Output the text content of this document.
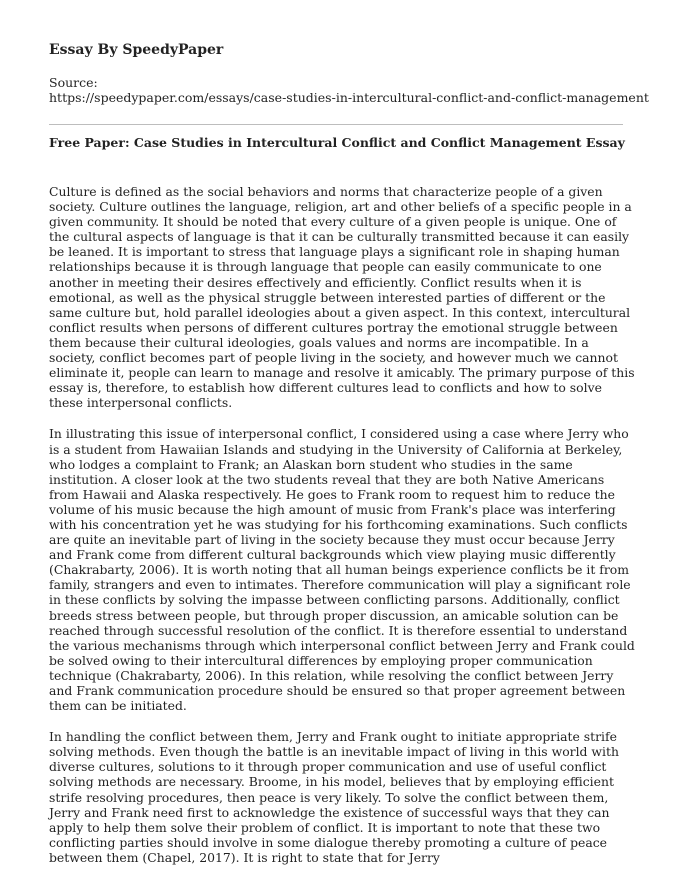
Essay By SpeedyPaper
Source:
https://speedypaper.com/essays/case-studies-in-intercultural-conflict-and-conflict-management
Free Paper: Case Studies in Intercultural Conflict and Conflict Management Essay

Culture is defined as the social behaviors and norms that characterize people of a given society. Culture outlines the language, religion, art and other beliefs of a specific people in a given community. It should be noted that every culture of a given people is unique. One of the cultural aspects of language is that it can be culturally transmitted because it can easily be leaned. It is important to stress that language plays a significant role in shaping human relationships because it is through language that people can easily communicate to one another in meeting their desires effectively and efficiently. Conflict results when it is emotional, as well as the physical struggle between interested parties of different or the same culture but, hold parallel ideologies about a given aspect. In this context, intercultural conflict results when persons of different cultures portray the emotional struggle between them because their cultural ideologies, goals values and norms are incompatible. In a society, conflict becomes part of people living in the society, and however much we cannot eliminate it, people can learn to manage and resolve it amicably. The primary purpose of this essay is, therefore, to establish how different cultures lead to conflicts and how to solve these interpersonal conflicts.

In illustrating this issue of interpersonal conflict, I considered using a case where Jerry who is a student from Hawaiian Islands and studying in the University of California at Berkeley, who lodges a complaint to Frank; an Alaskan born student who studies in the same institution. A closer look at the two students reveal that they are both Native Americans from Hawaii and Alaska respectively. He goes to Frank room to request him to reduce the volume of his music because the high amount of music from Frank's place was interfering with his concentration yet he was studying for his forthcoming examinations. Such conflicts are quite an inevitable part of living in the society because they must occur because Jerry and Frank come from different cultural backgrounds which view playing music differently (Chakrabarty, 2006). It is worth noting that all human beings experience conflicts be it from family, strangers and even to intimates. Therefore communication will play a significant role in these conflicts by solving the impasse between conflicting parsons. Additionally, conflict breeds stress between people, but through proper discussion, an amicable solution can be reached through successful resolution of the conflict. It is therefore essential to understand the various mechanisms through which interpersonal conflict between Jerry and Frank could be solved owing to their intercultural differences by employing proper communication technique (Chakrabarty, 2006). In this relation, while resolving the conflict between Jerry and Frank communication procedure should be ensured so that proper agreement between them can be initiated.

In handling the conflict between them, Jerry and Frank ought to initiate appropriate strife solving methods. Even though the battle is an inevitable impact of living in this world with diverse cultures, solutions to it through proper communication and use of useful conflict solving methods are necessary. Broome, in his model, believes that by employing efficient strife resolving procedures, then peace is very likely. To solve the conflict between them, Jerry and Frank need first to acknowledge the existence of successful ways that they can apply to help them solve their problem of conflict. It is important to note that these two conflicting parties should involve in some dialogue thereby promoting a culture of peace between them (Chapel, 2017). It is right to state that for Jerry
